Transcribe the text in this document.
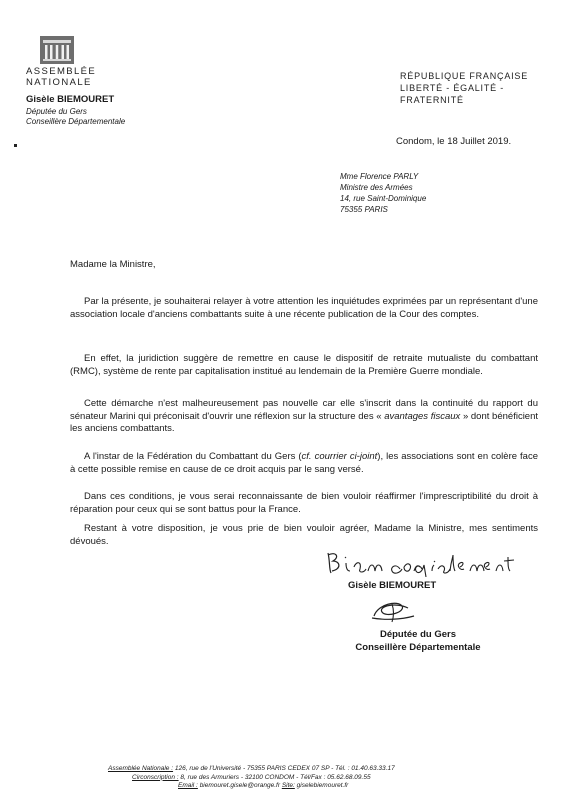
ASSEMBLÉE
NATIONALE
Gisèle BIEMOURET
Députée du Gers
Conseillère Départementale
RÉPUBLIQUE FRANÇAISE
LIBERTÉ - ÉGALITÉ - FRATERNITÉ
Condom, le 18 Juillet 2019.
Mme Florence PARLY
Ministre des Armées
14, rue Saint-Dominique
75355 PARIS
Madame la Ministre,
Par la présente, je souhaiterai relayer à votre attention les inquiétudes exprimées par un représentant d'une association locale d'anciens combattants suite à une récente publication de la Cour des comptes.
En effet, la juridiction suggère de remettre en cause le dispositif de retraite mutualiste du combattant (RMC), système de rente par capitalisation institué au lendemain de la Première Guerre mondiale.
Cette démarche n'est malheureusement pas nouvelle car elle s'inscrit dans la continuité du rapport du sénateur Marini qui préconisait d'ouvrir une réflexion sur la structure des « avantages fiscaux » dont bénéficient les anciens combattants.
A l'instar de la Fédération du Combattant du Gers (cf. courrier ci-joint), les associations sont en colère face à cette possible remise en cause de ce droit acquis par le sang versé.
Dans ces conditions, je vous serai reconnaissante de bien vouloir réaffirmer l'imprescriptibilité du droit à réparation pour ceux qui se sont battus pour la France.
Restant à votre disposition, je vous prie de bien vouloir agréer, Madame la Ministre, mes sentiments dévoués.
Gisèle BIEMOURET
Députée du Gers
Conseillère Départementale
Assemblée Nationale : 126, rue de l'Université - 75355 PARIS CEDEX 07 SP - Tél. : 01.40.63.33.17
Circonscription : 8, rue des Armuriers - 32100 CONDOM - Tél/Fax : 05.62.68.09.55
Email : biemouret.gisele@orange.fr Site: giselebiemouret.fr
